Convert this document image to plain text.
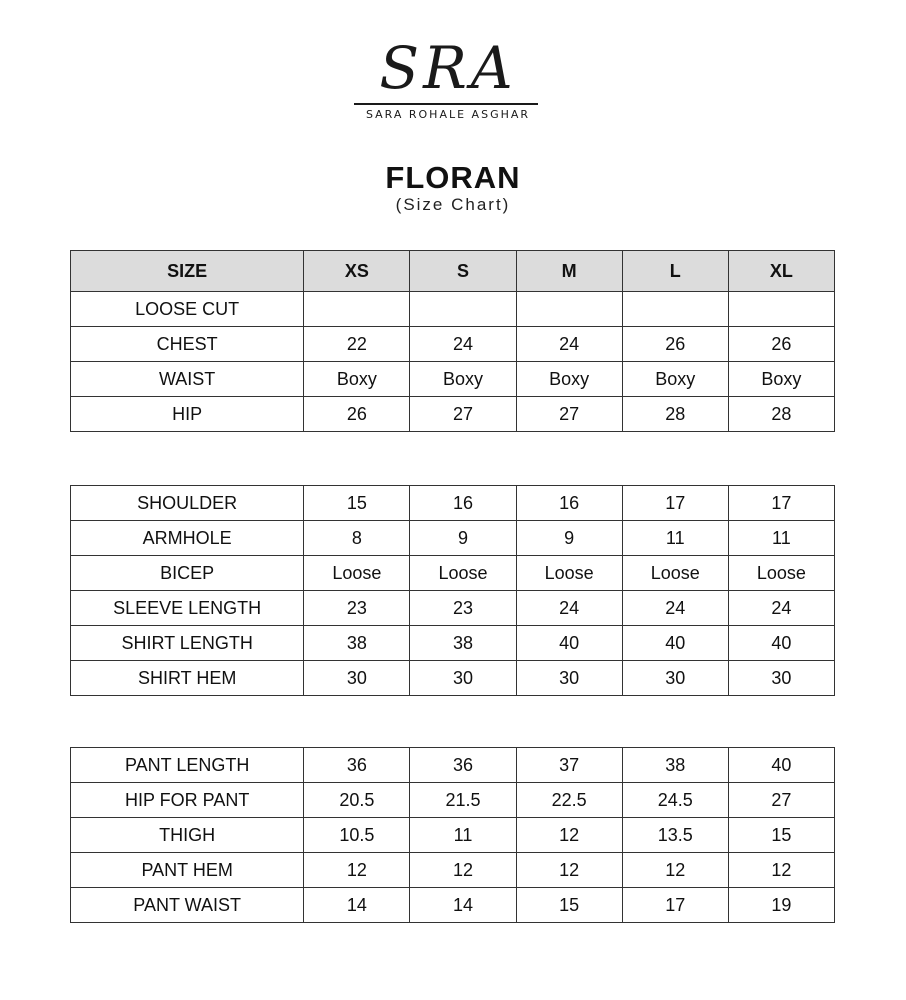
SRA
SARA ROHALE ASGHAR
FLORAN
(Size Chart)
SIZE	XS	S	M	L	XL
LOOSE CUT					
CHEST	22	24	24	26	26
WAIST	Boxy	Boxy	Boxy	Boxy	Boxy
HIP	26	27	27	28	28
SHOULDER	15	16	16	17	17
ARMHOLE	8	9	9	11	11
BICEP	Loose	Loose	Loose	Loose	Loose
SLEEVE LENGTH	23	23	24	24	24
SHIRT LENGTH	38	38	40	40	40
SHIRT HEM	30	30	30	30	30
PANT LENGTH	36	36	37	38	40
HIP FOR PANT	20.5	21.5	22.5	24.5	27
THIGH	10.5	11	12	13.5	15
PANT HEM	12	12	12	12	12
PANT WAIST	14	14	15	17	19
